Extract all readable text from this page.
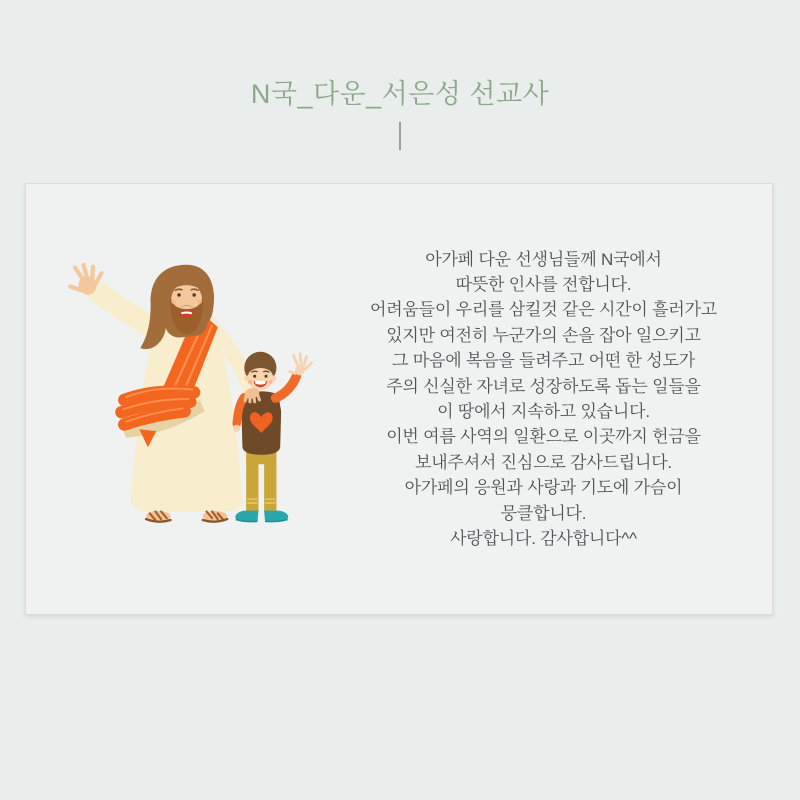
N국_다운_서은성 선교사
아가페 다운 선생님들께 N국에서
따뜻한 인사를 전합니다.
어려움들이 우리를 삼킬것 같은 시간이 흘러가고
있지만 여전히 누군가의 손을 잡아 일으키고
그 마음에 복음을 들려주고 어떤 한 성도가
주의 신실한 자녀로 성장하도록 돕는 일들을
이 땅에서 지속하고 있습니다.
이번 여름 사역의 일환으로 이곳까지 헌금을
보내주셔서 진심으로 감사드립니다.
아가페의 응원과 사랑과 기도에 가슴이
뭉클합니다.
사랑합니다. 감사합니다^^
